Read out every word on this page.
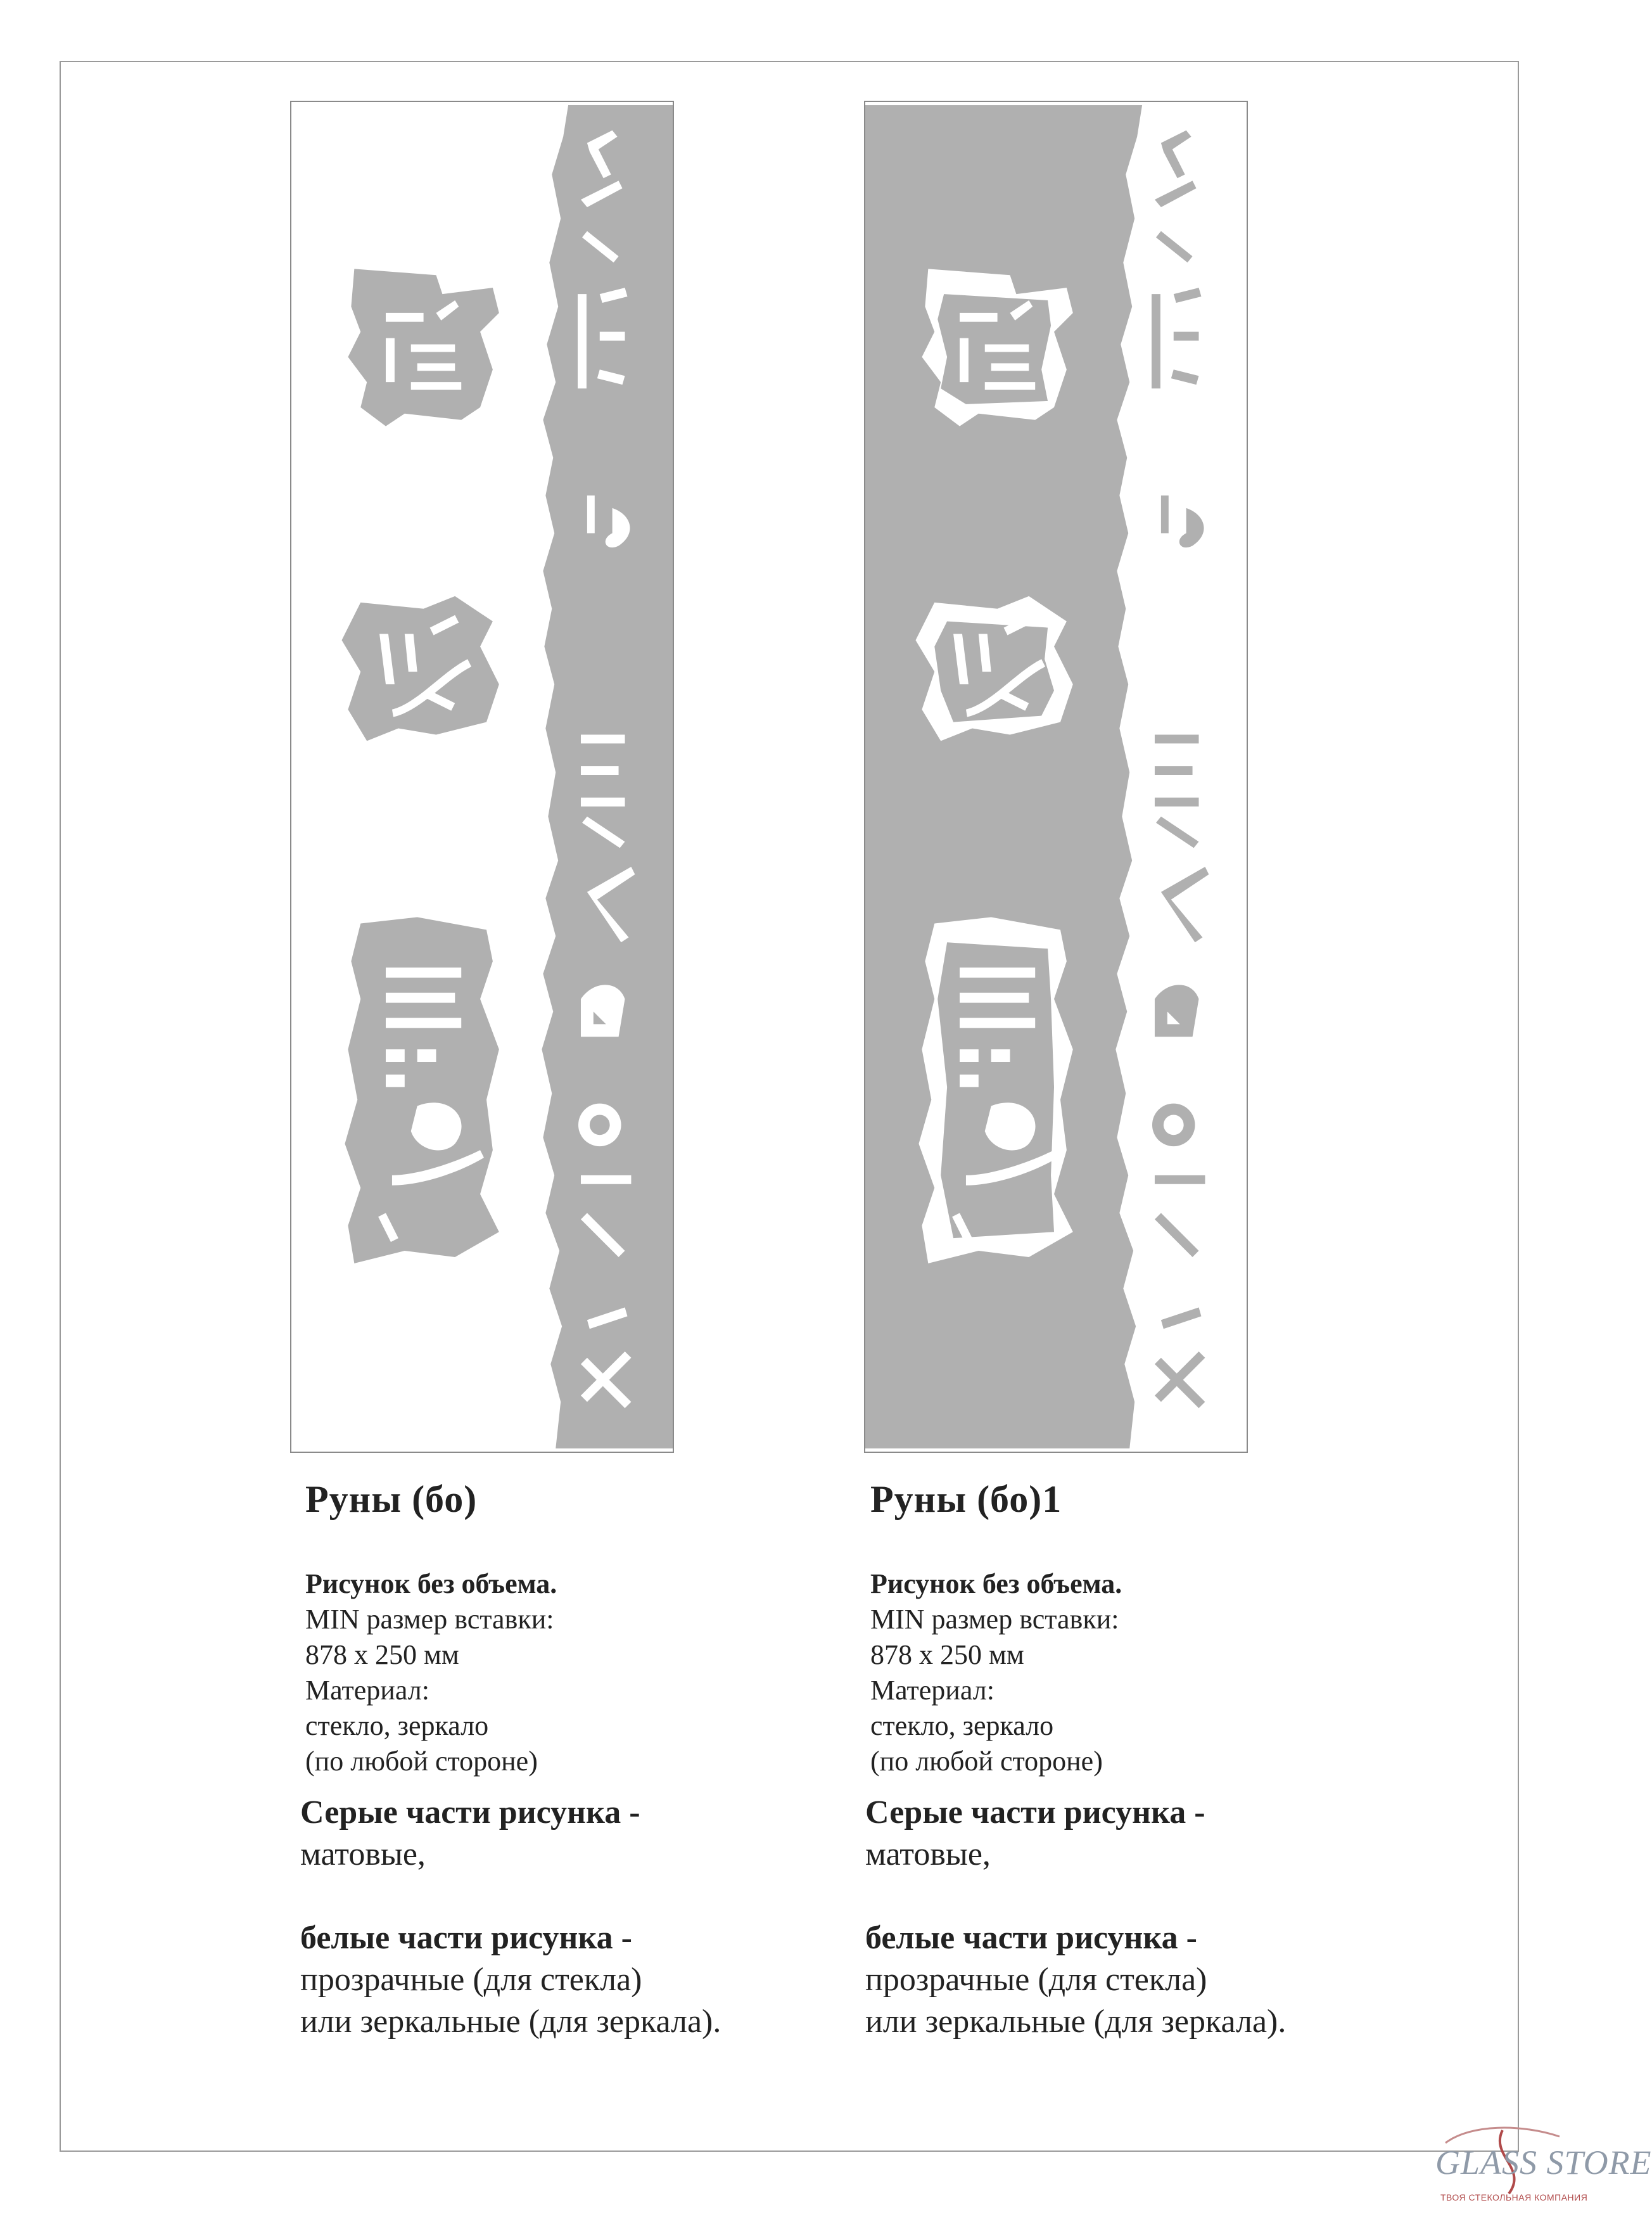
Руны (бо)
Рисунок без объема.
MIN размер вставки:
878 х 250 мм
Материал:
стекло, зеркало
(по любой стороне)
Серые части рисунка -
матовые,
белые части рисунка -
прозрачные (для стекла)
или зеркальные (для зеркала).
Руны (бо)1
Рисунок без объема.
MIN размер вставки:
878 х 250 мм
Материал:
стекло, зеркало
(по любой стороне)
Серые части рисунка -
матовые,
белые части рисунка -
прозрачные (для стекла)
или зеркальные (для зеркала).
GLASS STORE
ТВОЯ СТЕКОЛЬНАЯ КОМПАНИЯ
